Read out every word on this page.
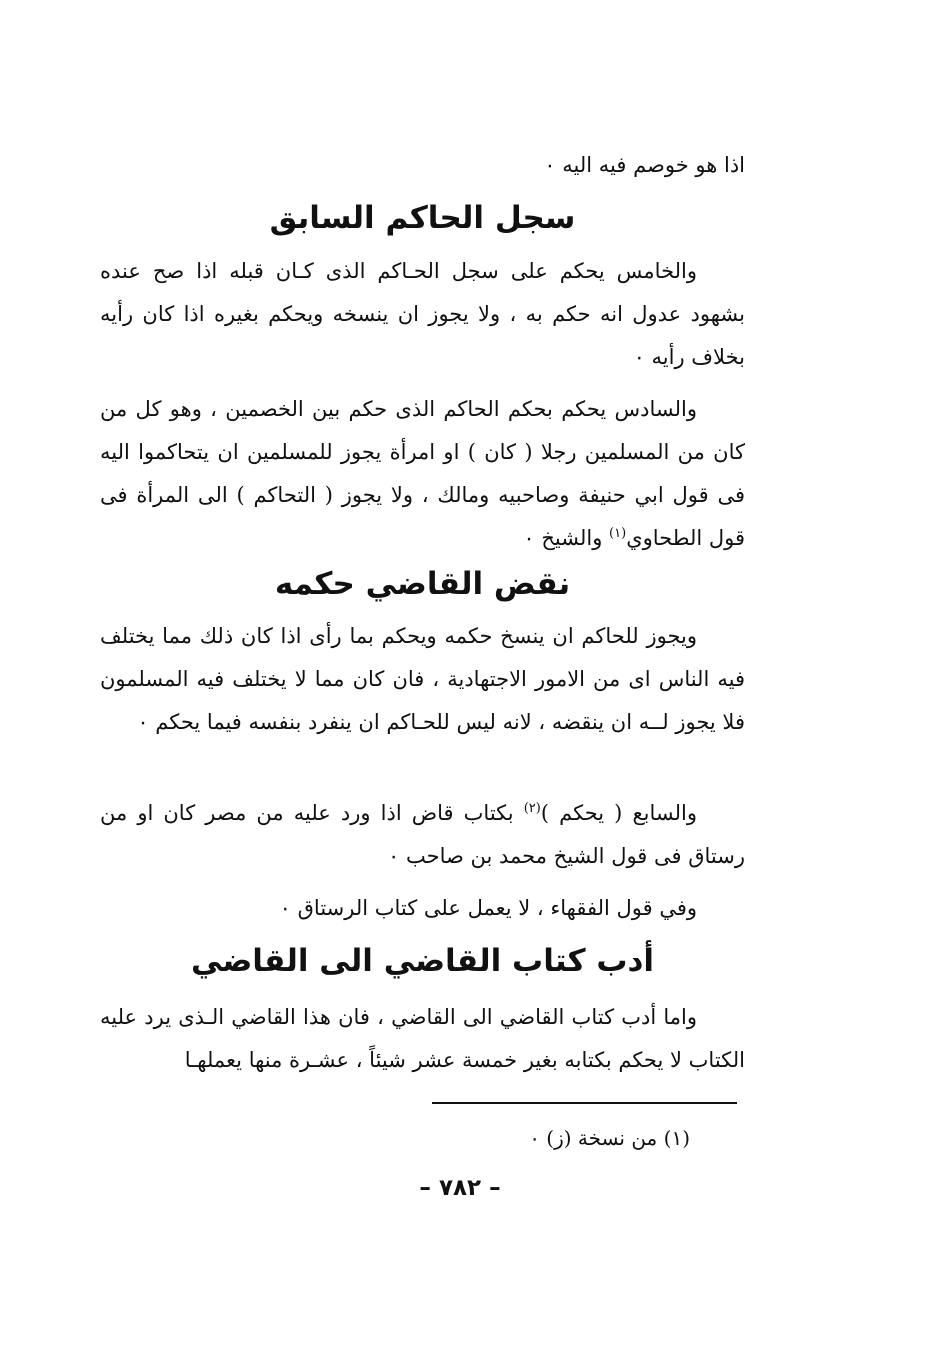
اذا هو خوصم فيه اليه ٠
سجل الحاكم السابق
والخامس يحكم على سجل الحـاكم الذى كـان قبله اذا صح عنده بشهود عدول انه حكم به ، ولا يجوز ان ينسخه ويحكم بغيره اذا كان رأيه بخلاف رأيه ٠
والسادس يحكم بحكم الحاكم الذى حكم بين الخصمين ، وهو كل من كان من المسلمين رجلا ( كان ) او امرأة يجوز للمسلمين ان يتحاكموا اليه فى قول ابي حنيفة وصاحبيه ومالك ، ولا يجوز ( التحاكم ) الى المرأة فى قول الطحاوي$^{(١)}$ والشيخ ٠
نقض القاضي حكمه
ويجوز للحاكم ان ينسخ حكمه ويحكم بما رأى اذا كان ذلك مما يختلف فيه الناس اى من الامور الاجتهادية ، فان كان مما لا يختلف فيه المسلمون فلا يجوز لــه ان ينقضه ، لانه ليس للحـاكم ان ينفرد بنفسه فيما يحكم ٠
والسابع ( يحكم )$^{(٢)}$ بكتاب قاض اذا ورد عليه من مصر كان او من رستاق فى قول الشيخ محمد بن صاحب ٠
وفي قول الفقهاء ، لا يعمل على كتاب الرستاق ٠
أدب كتاب القاضي الى القاضي
واما أدب كتاب القاضي الى القاضي ، فان هذا القاضي الـذى يرد عليه الكتاب لا يحكم بكتابه بغير خمسة عشر شيئاً ، عشـرة منها يعملهـا
(١) من نسخة (ز) ٠
– ٧٨٢ –
